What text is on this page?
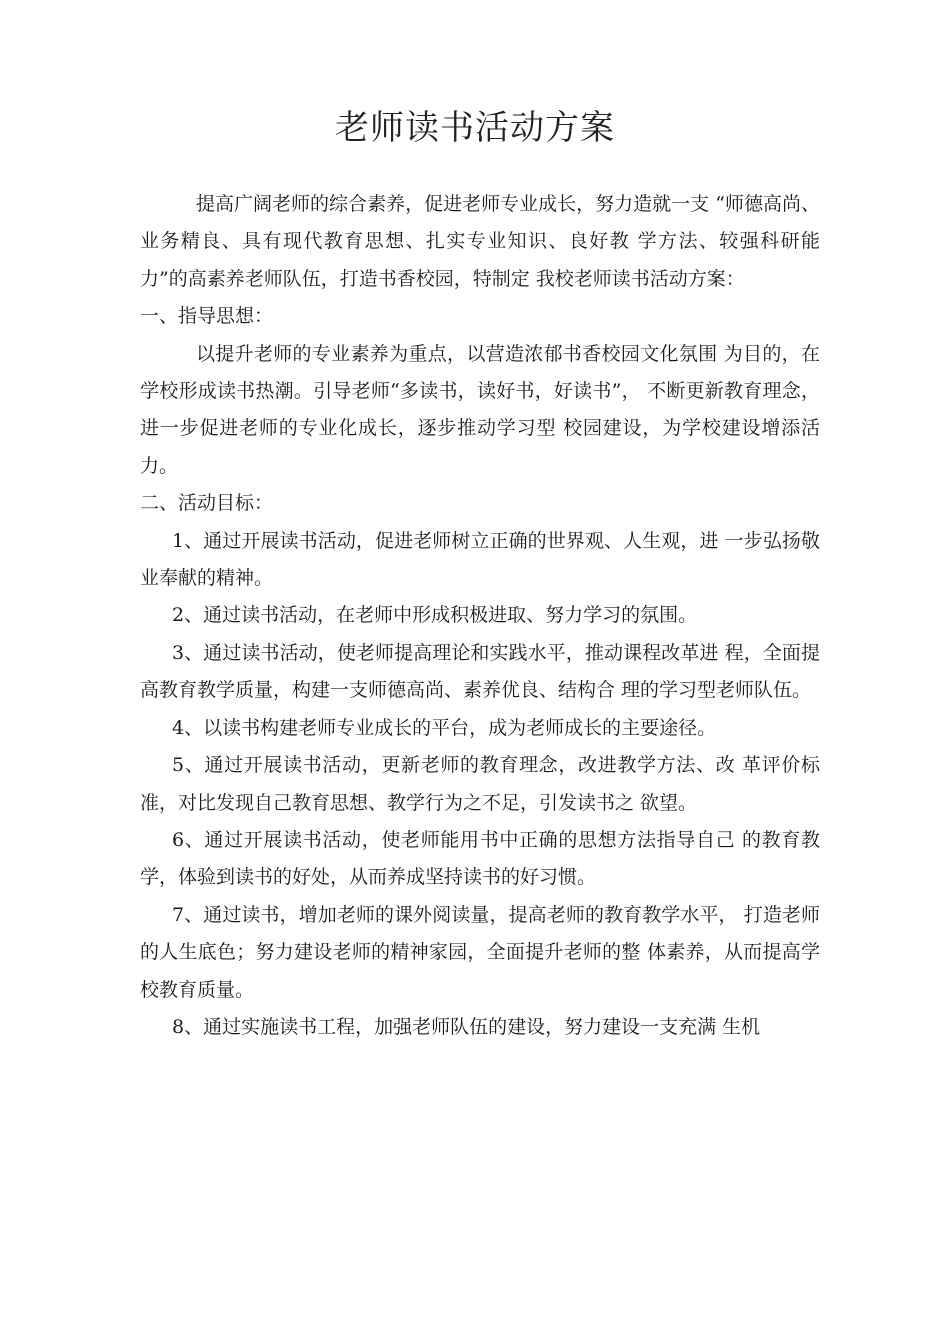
老师读书活动方案

提高广阔老师的综合素养，促进老师专业成长，努力造就一支 “师德高尚、业务精良、具有现代教育思想、扎实专业知识、良好教 学方法、较强科研能力”的高素养老师队伍，打造书香校园，特制定 我校老师读书活动方案：

一、指导思想：

以提升老师的专业素养为重点，以营造浓郁书香校园文化氛围 为目的，在学校形成读书热潮。引导老师“多读书，读好书，好读书”， 不断更新教育理念，进一步促进老师的专业化成长，逐步推动学习型 校园建设，为学校建设增添活力。

二、活动目标：

1、通过开展读书活动，促进老师树立正确的世界观、人生观，进 一步弘扬敬业奉献的精神。

2、通过读书活动，在老师中形成积极进取、努力学习的氛围。

3、通过读书活动，使老师提高理论和实践水平，推动课程改革进 程，全面提高教育教学质量，构建一支师德高尚、素养优良、结构合 理的学习型老师队伍。

4、以读书构建老师专业成长的平台，成为老师成长的主要途径。

5、通过开展读书活动，更新老师的教育理念，改进教学方法、改 革评价标准，对比发现自己教育思想、教学行为之不足，引发读书之 欲望。

6、通过开展读书活动，使老师能用书中正确的思想方法指导自己 的教育教学，体验到读书的好处，从而养成坚持读书的好习惯。

7、通过读书，增加老师的课外阅读量，提高老师的教育教学水平， 打造老师的人生底色；努力建设老师的精神家园，全面提升老师的整 体素养，从而提高学校教育质量。

8、通过实施读书工程，加强老师队伍的建设，努力建设一支充满 生机
